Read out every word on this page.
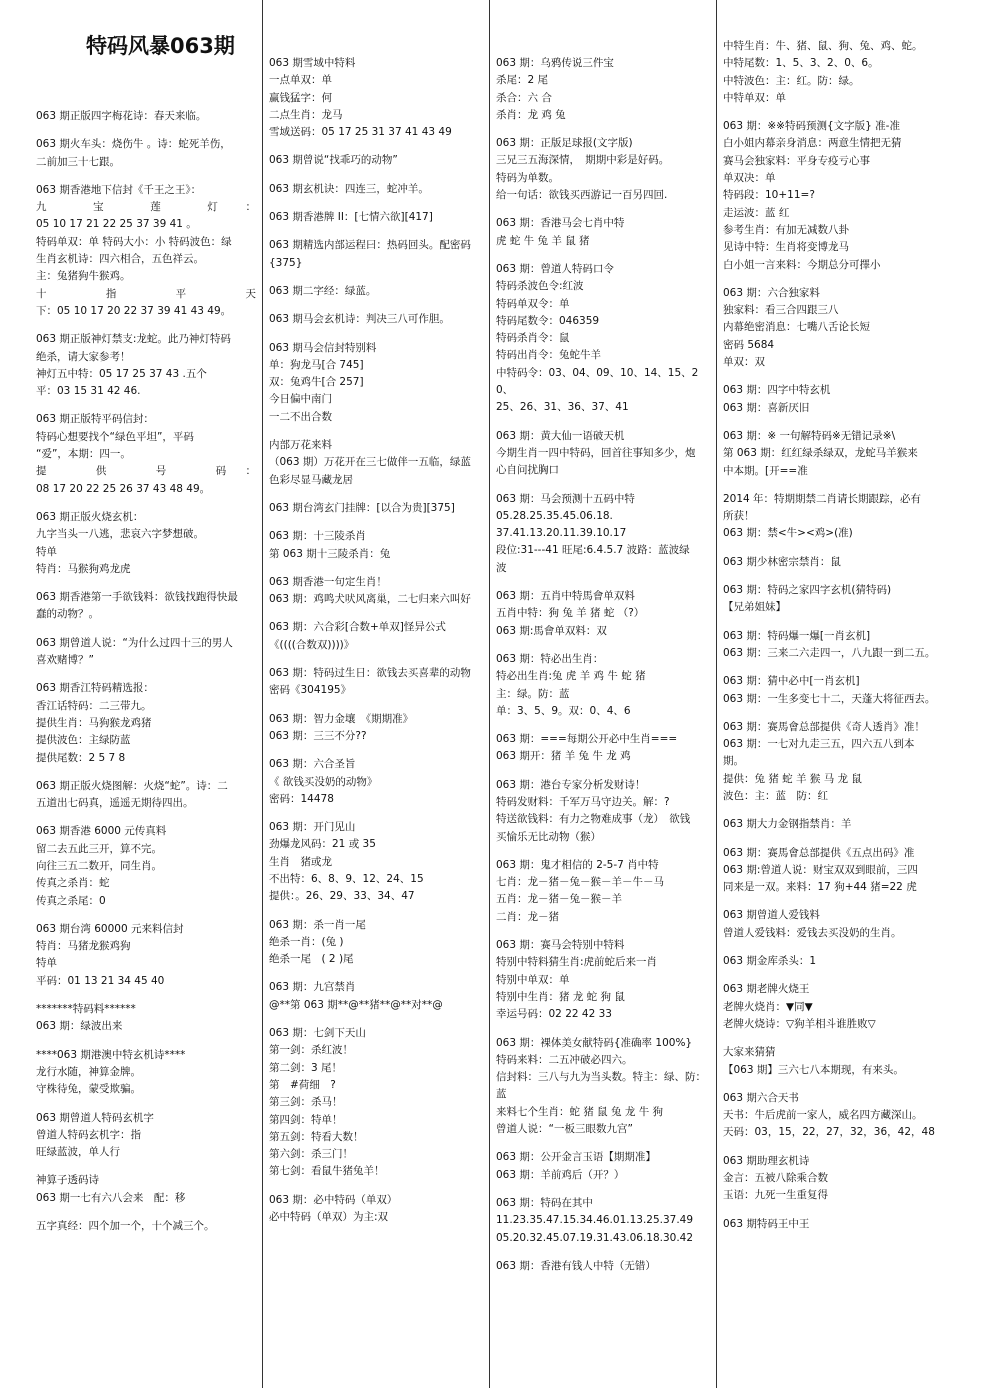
特码风暴063期
063 期正版四字梅花诗：春天来临。
063 期火车头：烧伤牛 。诗：蛇死羊伤，
二前加三十七跟。
063 期香港地下信封《千王之王》：
九　　宝　　莲　　灯　：
05 10 17 21 22 25 37 39 41 。
特码单双：单 特码大小：小 特码波色：绿
生肖玄机诗：四六相合，五色祥云。
主：兔猪狗牛猴鸡。
十　　　　指　　　　平　　　　天
下：05 10 17 20 22 37 39 41 43 49。
063 期正版神灯禁支:龙蛇。此乃神灯特码
绝杀，请大家参考！
神灯五中特：05 17 25 37 43 .五个
平：03 15 31 42 46.
063 期正版特平码信封：
特码心想要找个“绿色平坦”，平码
“爱”，本期：四一。
提　　　供　　　号　　　码　：
08 17 20 22 25 26 37 43 48 49。
063 期正版火烧玄机：
九字当头一八逃，悲哀六字梦想破。
特单
特肖：马猴狗鸡龙虎
063 期香港第一手欲钱料：欲钱找跑得快最
蠢的动物？。
063 期曾道人说：“为什么过四十三的男人
喜欢赌博？”
063 期香江特码精选报：
香江话特码：二三带九。
提供生肖：马狗猴龙鸡猪
提供波色：主绿防蓝
提供尾数：2 5 7 8
063 期正版火烧图解：火烧“蛇”。诗：二
五道出七码真，遥遥无期待四出。
063 期香港 6000 元传真料
留二去五此三开，算不完。
向往三五二数开，同生肖。
传真之杀肖：蛇
传真之杀尾：0
063 期台湾 60000 元来料信封
特肖：马猪龙猴鸡狗
特单
平码：01 13 21 34 45 40
*******特码料******
063 期：绿波出来
****063 期港澳中特玄机诗****
龙行水随，神算金牌。
守株待兔，蒙受欺骗。
063 期曾道人特码玄机字
曾道人特码玄机字：指
旺绿蓝波，单人行
神算子透码诗
063 期一七有六八会来　配：移
五字真经：四个加一个，十个减三个。
063 期雪域中特料
一点单双：单
赢钱猛字：何
二点生肖：龙马
雪域送码：05 17 25 31 37 41 43 49
063 期曾说“找乖巧的动物”
063 期玄机诀：四连三，蛇冲羊。
063 期香港牌 II：[七情六欲][417]
063 期精选内部运程曰：热码回头。配密码
{375}
063 期二字经：绿蓝。
063 期马会玄机诗：判决三八可作胆。
063 期马会信封特别料
单：狗龙马[合 745]
双：兔鸡牛[合 257]
今日偏中南门
一二不出合数
内部万花来料
（063 期）万花开在三七做伴一五临，绿蓝
色彩尽显马藏龙居
063 期台湾玄门挂牌：[以合为贵][375]
063 期：十三陵杀肖
第 063 期十三陵杀肖：兔
063 期香港一句定生肖！
063 期：鸡鸣犬吠风离巢，二七归来六叫好
063 期：六合彩[合数+单双]怪异公式
《((((合数双))))》
063 期：特码过生日：欲钱去买喜辈的动物
密码《304195》
063 期：智力金壤　《期期准》
063 期：三三不分??
063 期：六合圣旨
《 欲钱买没奶的动物》
密码：14478
063 期：开门见山
劲爆龙风码：21 或 35
生肖　猪或龙
不出特：6、8、9、12、24、15
提供：。26、29、33、34、47
063 期：杀一肖一尾
绝杀一肖：(兔 )
绝杀一尾　( 2 )尾
063 期：九宫禁肖
@**第 063 期**@**猪**@**对**@
063 期：七剑下天山
第一剑：杀红波！
第二剑：3 尾！
第　#荷细　?
第三剑：杀马！
第四剑：特单！
第五剑：特看大数！
第六剑：杀三门！
第七剑：看鼠牛猪兔羊！
063 期：必中特码（单双）
必中特码（单双）为主:双
063 期：乌鸦传说三件宝
杀尾：2 尾
杀合：六 合
杀肖：龙 鸡 兔
063 期：正版足球报(文字版)
三兄三五海深情，　期期中彩是好码。
特码为单数。
给一句话：欲钱买西游记一百另四回.
063 期：香港马会七肖中特
虎 蛇 牛 兔 羊 鼠 猪
063 期：曾道人特码口令
特码杀波色令:红波
特码单双令：单
特码尾数令：046359
特码杀肖令：鼠
特码出肖令：兔蛇牛羊
中特码令：03、04、09、10、14、15、20、
25、26、31、36、37、41
063 期：黄大仙一语破天机
今期生肖一四中特码，回首往事知多少，炮
心自问扰胸口
063 期：马会预测十五码中特
05.28.25.35.45.06.18.
37.41.13.20.11.39.10.17
段位:31---41 旺尾:6.4.5.7 波路：蓝波绿
波
063 期：五肖中特馬會单双料
五肖中特：狗 兔 羊 猪 蛇 （?）
063 期:馬會单双料：双
063 期：特必出生肖：
特必出生肖:兔 虎 羊 鸡 牛 蛇 猪
主：绿。防：蓝
单：3、5、9。双：0、4、6
063 期：===每期公开必中生肖===
063 期开：猪 羊 兔 牛 龙 鸡
063 期：港台专家分析发财诗！
特码发财料：千军万马守边关。解：?
特送欲钱料：有力之物难成事（龙）　欲钱
买愉乐无比动物（猴）
063 期：鬼才相信的 2-5-7 肖中特
七肖：龙－猪－兔－猴－羊－牛－马
五肖：龙－猪－兔－猴－羊
二肖：龙－猪
063 期：赛马会特别中特料
特别中特料猜生肖:虎前蛇后来一肖
特别中单双：单
特别中生肖：猪 龙 蛇 狗 鼠
幸运号码：02 22 42 33
063 期：裸体美女献特码{准确率 100%}
特码来料：二五冲破必四六。
信封料：三八与九为当头数。特主：绿、防：
蓝
来料七个生肖：蛇 猪 鼠 兔 龙 牛 狗
曾道人说：“一板三眼数九宫”
063 期：公开金言玉语【期期准】
063 期：羊前鸡后（开？）
063 期：特码在其中
11.23.35.47.15.34.46.01.13.25.37.49
05.20.32.45.07.19.31.43.06.18.30.42
063 期：香港有钱人中特（无错）
中特生肖：牛、猪、鼠、狗、兔、鸡、蛇。
中特尾数：1、5、3、2、0、6。
中特波色：主：红。防：绿。
中特单双：单
063 期：※※特码预测{文字版} 准-准
白小姐内幕亲身消息：两意生情把无猜
赛马会独家料：平身专疫亏心事
单双决：单
特码段：10+11=?
走运波：蓝 红
参考生肖：有加无减数八卦
见诗中特：生肖将变博龙马
白小姐一言来料：今期总分可擇小
063 期：六合独家料
独家料：看三合四跟三八
内幕绝密消息：七嘴八舌论长短
密码 5684
单双：双
063 期：四字中特玄机
063 期：喜新厌旧
063 期：※ 一句解特码※无错记录※\
第 063 期：红红绿杀绿双，龙蛇马羊猴来
中本期。[开==准
2014 年：特期期禁二肖请长期跟踪，必有
所获！
063 期：禁<牛><鸡>(准)
063 期少林密宗禁肖：鼠
063 期：特码之家四字玄机(猜特码)
【兄弟姐妹】
063 期：特码爆一爆[一肖玄机]
063 期：三来二六走四一，八九跟一到二五。
063 期：猜中必中[一肖玄机]
063 期：一生多变七十二，天蓬大将征西去。
063 期：赛馬會总部提供《奇人透肖》准！
063 期：一七对九走三五，四六五八到本
期。
提供：兔 猪 蛇 羊 猴 马 龙 鼠
波色：主：蓝　防：红
063 期大力金钢指禁肖：羊
063 期：赛馬會总部提供《五点出码》准
063 期:曾道人说：财宝双双到眼前，三四
同来是一双。来料：17 狗+44 猪=22 虎
063 期曾道人爱钱料
曾道人爱钱料：爱钱去买没奶的生肖。
063 期金库杀头：1
063 期老牌火烧王
老牌火烧肖：▼同▼
老牌火烧诗：▽狗羊相斗谁胜败▽
大家来猜猜
【063 期】三六七八本期现，有来头。
063 期六合天书
天书：牛后虎前一家人，威名四方藏深山。
天码：03，15，22，27，32，36，42，48
063 期助理玄机诗
金言：五被八除乘合数
玉语：九死一生重复得
063 期特码王中王
